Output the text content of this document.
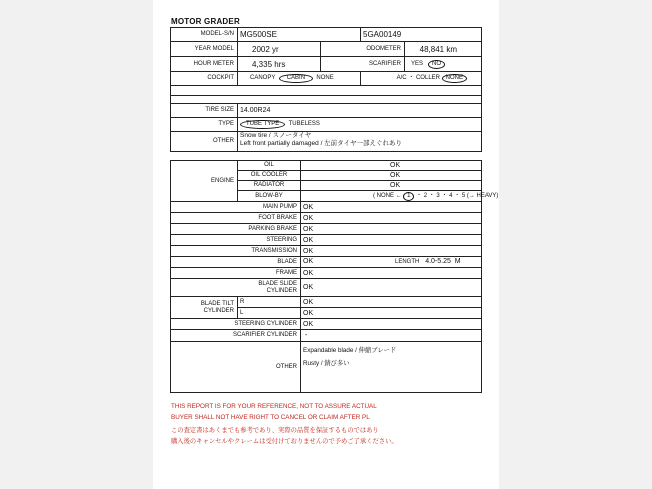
MOTOR GRADER
MODEL-S/N	MG500SE		5GA00149	
YEAR MODEL	2002 yr	ODOMETER		48,841 km
HOUR METER	4,335 hrs	SCARIFIER		YES NO
COCKPIT	CANOPY CABIN NONE		A/C ・ COLLER NONE	

TIRE SIZE	14.00R24			
TYPE	TUBE TYPE TUBELESS			
OTHER	Snow tire / スノータイヤ
Left front partially damaged / 左前タイヤ一部えぐれあり			
ENGINE	OIL	OK
	OIL COOLER	OK
	RADIATOR	OK
	BLOW-BY	( NONE ← 1 ・ 2 ・ 3 ・ 4 ・ 5 (→ HEAVY)
MAIN PUMP		OK
FOOT BRAKE		OK
PARKING BRAKE		OK
STEERING		OK
TRANSMISSION		OK
BLADE		OK LENGTH 4.0-5.25 M
FRAME		OK

BLADE SLIDE
CYLINDER		OK

BLADE TILT
CYLINDER	R	OK
	L	OK
STEERING CYLINDER		OK
SCARIFIER CYLINDER		-
OTHER		Expandable blade / 伸縮ブレード
Rusty / 錆び多い
THIS REPORT IS FOR YOUR REFERENCE, NOT TO ASSURE ACTUAL
BUYER SHALL NOT HAVE RIGHT TO CANCEL OR CLAIM AFTER PL
この査定書はあくまでも参考であり、実際の品質を保証するものではあり
購入後のキャンセルやクレームは受付けておりませんので予めご了承ください。
